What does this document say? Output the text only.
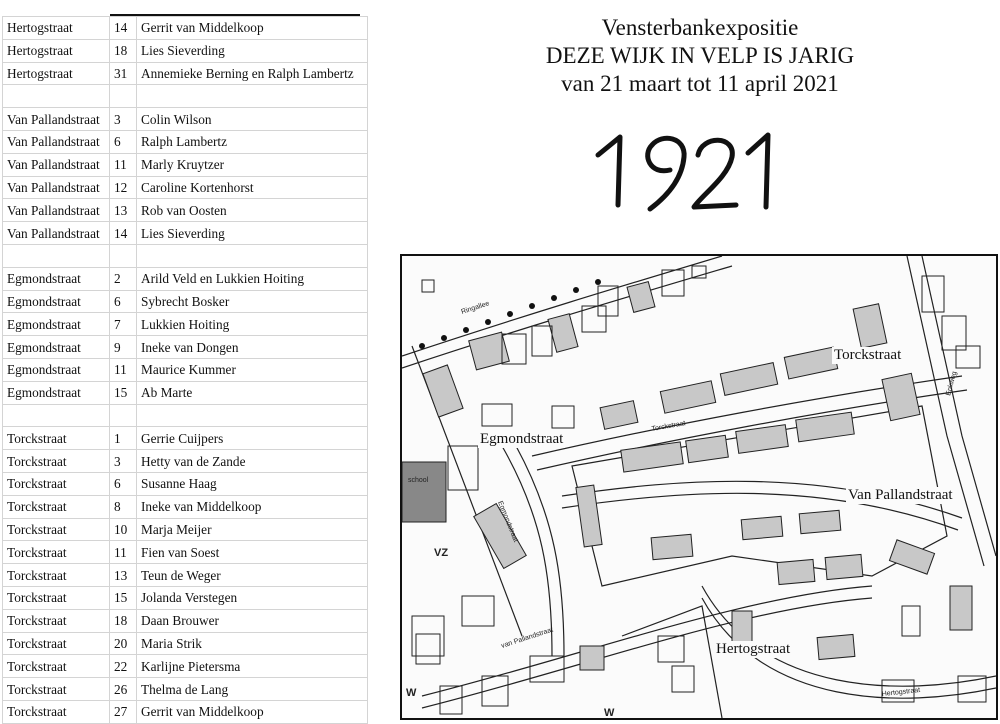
Hertogstraat	14	Gerrit van Middelkoop
Hertogstraat	18	Lies Sieverding
Hertogstraat	31	Annemieke Berning en Ralph Lambertz

Van Pallandstraat	3	Colin Wilson
Van Pallandstraat	6	Ralph Lambertz
Van Pallandstraat	11	Marly Kruytzer
Van Pallandstraat	12	Caroline Kortenhorst
Van Pallandstraat	13	Rob van Oosten
Van Pallandstraat	14	Lies Sieverding

Egmondstraat	2	Arild Veld en Lukkien Hoiting
Egmondstraat	6	Sybrecht Bosker
Egmondstraat	7	Lukkien Hoiting
Egmondstraat	9	Ineke van Dongen
Egmondstraat	11	Maurice Kummer
Egmondstraat	15	Ab Marte

Torckstraat	1	Gerrie Cuijpers
Torckstraat	3	Hetty van de Zande
Torckstraat	6	Susanne Haag
Torckstraat	8	Ineke van Middelkoop
Torckstraat	10	Marja Meijer
Torckstraat	11	Fien van Soest
Torckstraat	13	Teun de Weger
Torckstraat	15	Jolanda Verstegen
Torckstraat	18	Daan Brouwer
Torckstraat	20	Maria Strik
Torckstraat	22	Karlijne Pietersma
Torckstraat	26	Thelma de Lang
Torckstraat	27	Gerrit van Middelkoop
Vensterbankexpositie
DEZE WIJK IN VELP IS JARIG
van 21 maart tot 11 april 2021
Ringallee
Torckstraat
Egmondstraat
van Pallandstraat
Hertogstraat
Enkweg
school
VZ
W
W
Torckstraat
Egmondstraat
Van Pallandstraat
Hertogstraat
